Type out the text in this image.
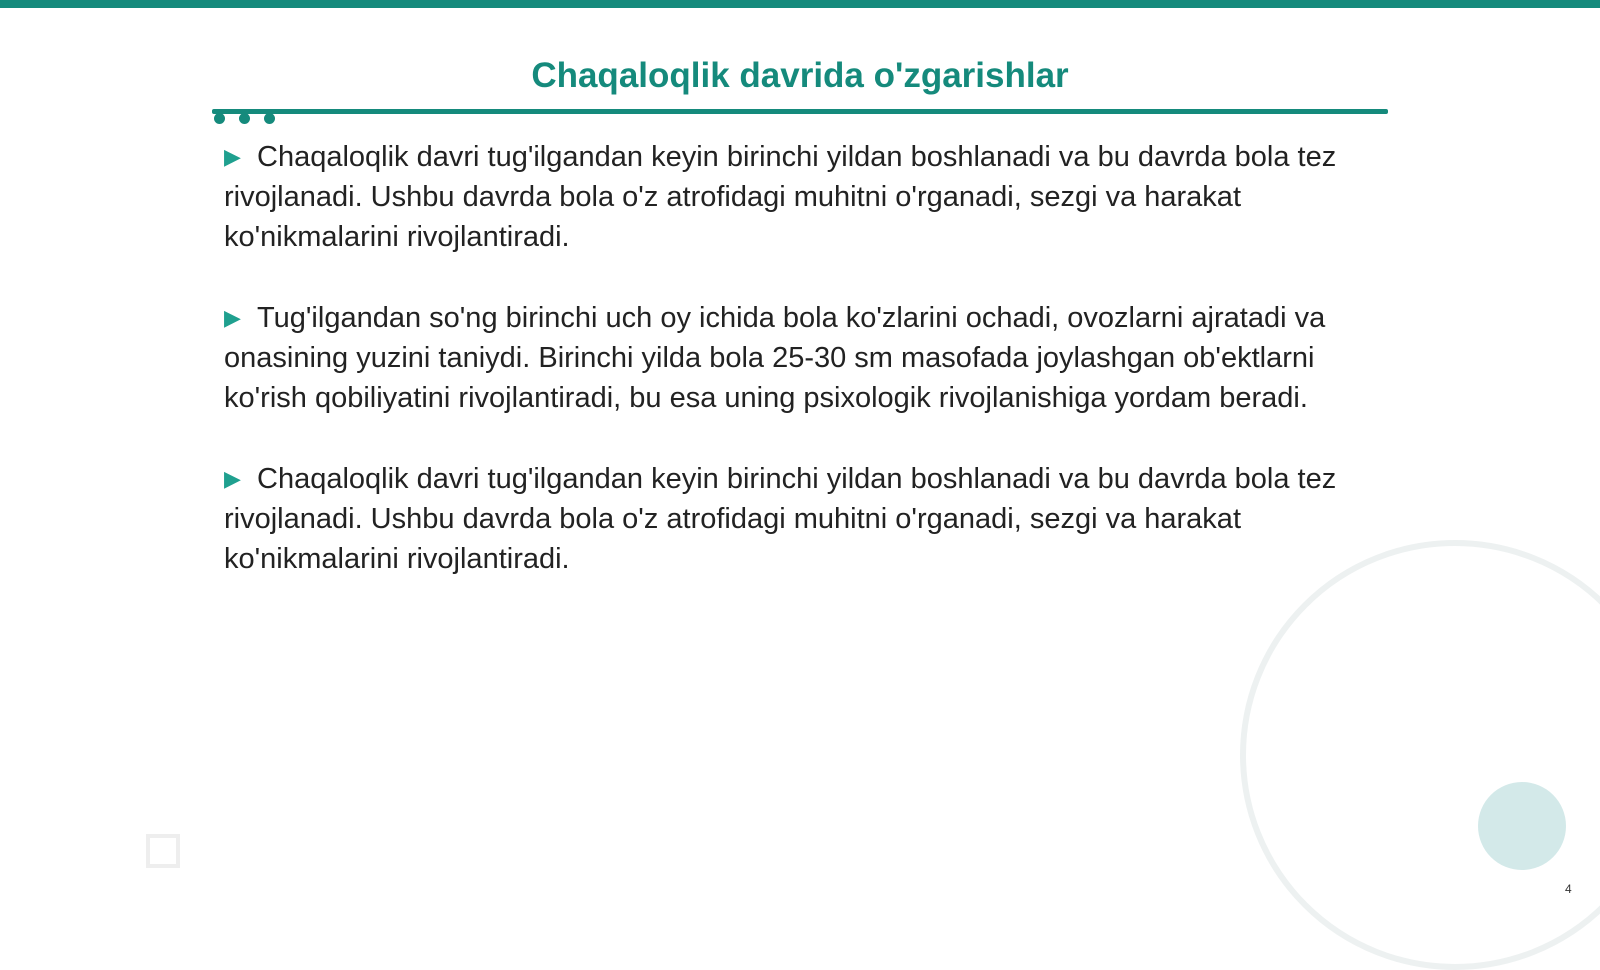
Chaqaloqlik davrida o'zgarishlar

▶ Chaqaloqlik davri tug'ilgandan keyin birinchi yildan boshlanadi va bu davrda bola tez rivojlanadi. Ushbu davrda bola o'z atrofidagi muhitni o'rganadi, sezgi va harakat ko'nikmalarini rivojlantiradi.

▶ Tug'ilgandan so'ng birinchi uch oy ichida bola ko'zlarini ochadi, ovozlarni ajratadi va onasining yuzini taniydi. Birinchi yilda bola 25-30 sm masofada joylashgan ob'ektlarni ko'rish qobiliyatini rivojlantiradi, bu esa uning psixologik rivojlanishiga yordam beradi.

▶ Chaqaloqlik davri tug'ilgandan keyin birinchi yildan boshlanadi va bu davrda bola tez rivojlanadi. Ushbu davrda bola o'z atrofidagi muhitni o'rganadi, sezgi va harakat ko'nikmalarini rivojlantiradi.

4
